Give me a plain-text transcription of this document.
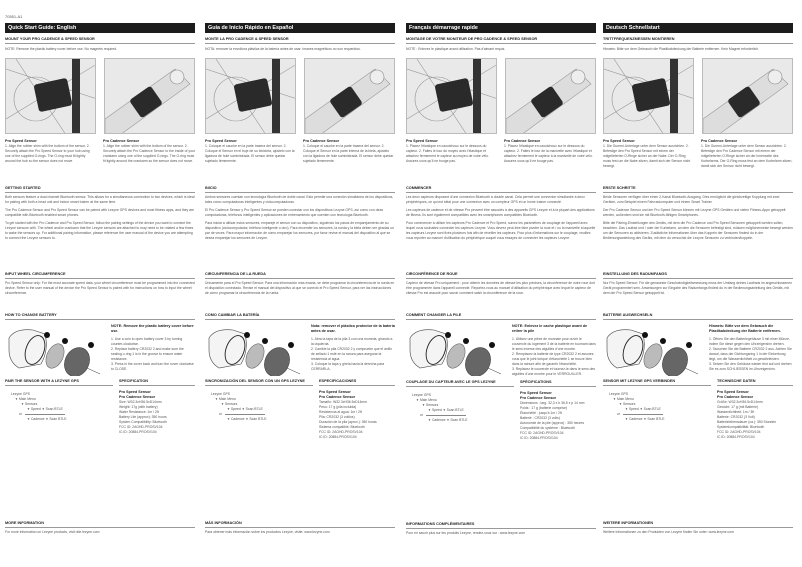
70551-A1
Quick Start Guide: English
MOUNT YOUR PRO CADENCE & SPEED SENSOR
NOTE: Remove the plastic battery cover before use. No magnets required.
Pro Speed Sensor
1. Align the rubber shim with the bottom of the sensor. 2. Securely attach the Pro Speed Sensor to your hub using one of the supplied O-rings. The O-ring must fit tightly around the hub so the sensor does not move.
Pro Cadence Sensor
1. Align the rubber shim with the bottom of the sensor. 2. Securely attach the Pro Cadence Sensor to the inside of your crankarm using one of the supplied O-rings. The O-ring must fit tightly around the crankarm so the sensor does not move.
GETTING STARTED

Both sensors feature a dual channel Bluetooth sensor. This allows for a simultaneous connection to two devices, which is ideal for pairing with both a head unit and indoor smart trainer at the same time.

The Pro Cadence Sensor and Pro Speed Sensor can be paired with Lezyne GPS devices and most fitness apps, and they are compatible with Bluetooth enabled smart phones.

To get started with the Pro Cadence and Pro Speed Sensor, follow the pairing settings of the device you want to connect the Lezyne sensors with. The wheel and/or crankarm that the Lezyne sensors are attached to may need to be rotated a few times to wake the sensors up. For additional pairing information, please reference the user manual of the device you are attempting to connect the Lezyne sensors to.

INPUT WHEEL CIRCUMFERENCE
Pro Speed Sensor only: For the most accurate speed data, your wheel circumference must be programmed into the connected device. Refer to the user manual of the device the Pro Speed Sensor is paired with for instructions on how to input the wheel circumference.
HOW TO CHANGE BATTERY
NOTE: Remove the plastic battery cover before use.
1. Use a coin to open battery cover 3 by turning counter-clockwise.
2. Replace battery CR2032 2 and make sure the sealing o-ring 1 is in the groove to ensure water resistance.
3. Press in the cover back and turn the cover clockwise to CLOSE.
PAIR THE SENSOR WITH A LEZYNE GPS
Lezyne GPS
▼ Main Menu
▼ Sensors
▼ Speed ▼ Scan BTLE
or
▼ Cadence ▼ Scan BTLE
SPECIFICATION
Pro Speed Sensor
Pro Cadence Sensor
Size: W32.3xH36.5xD14mm
Weight: 17g (with battery)
Water Resistance: 1m / 2ft
Battery Life (approx): 350 hours
System Compatibility: Bluetooth
FCC ID: 2AGHD-PROSV104
IC ID: 20884-PROSV104
MORE INFORMATION
For more information on Lezyne products, visit ride.lezyne.com
Guía de Inicio Rápido en Español
MONTE LA PRO CADENCE & SPEED SENSOR
NOTA: remover la envoltura plástica de la batería antes de usar. Imanes magnéticos no son requeridos.
Pro Speed Sensor
1. Coloque el cauche en la parte trasera del sensor. 2. Coloque el Sensor en el buje de su bicicleta, ajústelo con la ligadura de hule suministrada. El sensor debe quedar sujetado firmemente.
Pro Cadence Sensor
1. Coloque el cauche en la parte trasera del sensor. 2. Coloque el Sensor en la parte interna de la biela, ajústelo con la ligadura de hule suministrada. El sensor debe quedar sujetado firmemente.
INICIO

Ambos sensores cuentan con tecnología Bluetooth de doble canal. Esto permite una conexión simultánea de los dispositivos, tales como computadoras inteligentes y ciclocomputadoras.

El Pro Cadence Sensor y Pro Speed Sensor se pueden conectar con los dispositivos Lezyne GPS, así como con otras computadoras, teléfonos inteligentes y aplicaciones de entrenamiento que cuenten con tecnología Bluetooth.

Para iniciar a utilizar estos sensores, empareje el sensor con su dispositivo, siguiendo los pasos de emparejamiento de su dispositivo (ciclocomputador, teléfono inteligente o otro). Para encender los sensores, la rueda y la biela deben ser giradas un par de veces. Para mayor información de cómo emparejar los sensores, por favor revise el manual del dispositivo al que se desea emparejar los sensores de Lezyne.

CIRCUNFERENCIA DE LA RUEDA
Únicamente para el Pro Speed Sensor: Para una información más exacta, se debe programar la circunferencia de la rueda en el dispositivo conectado. Revise el manual del dispositivo al que se conectó el Pro Speed Sensor, para ver las instrucciones de cómo programar la circunferencia de la rueda.
COMO CAMBIAR LA BATERÍA
Nota: remover el plástico protector de la batería antes de usar.
1. Abra la tapa de la pila 3 con una moneda, girando a la izquierda.
2. Cambie la pila CR2032 2 y compruebe que el anillo de sellado 1 esté en la ranura para asegurar la resistencia al agua.
3. Coloque la tapa y gírela hacia la derecha para CERRARLA.
SINCRONIZACIÓN DEL SENSOR CON UN GPS LEZYNE
Lezyne GPS
▼ Main Menu
▼ Sensors
▼ Speed ▼ Scan BTLE
or
▼ Cadence ▼ Scan BTLE
ESPECIFICACIONES
Pro Speed Sensor
Pro Cadence Sensor
Tamaño: W32.3xH36.5xD14mm
Peso: 17 g (pila incluida)
Resistencia al agua: 1m / 2ft
Pila: CR2032 (3 voltios)
Duración de la pila (aprox.): 350 horas
Sistema compatible: Bluetooth
FCC ID: 2AGHD-PROSV104
IC ID: 20884-PROSV104
MÁS INFORMACIÓN
Para obtener más información sobre los productos Lezyne, visite: www.lezyne.com
Français démarrage rapide
MONTAGE DE VOTRE MONITEUR DE PRO CADENCE & SPEED SENSOR
NOTE : Enlevez le plastique avant utilisation. Pas d'aimant requis.
Pro Speed Sensor
1. Placez l'élastique en caoutchouc sur le dessous du capteur. 2. Faites le tour du moyeu avec l'élastique et attachez fermement le capteur au moyeu de votre vélo. Assurez-vous qu'il ne bouge pas.
Pro Cadence Sensor
1. Placez l'élastique en caoutchouc sur le dessous du capteur. 2. Faites le tour de la manivelle avec l'élastique et attachez fermement le capteur à la manivelle de votre vélo. Assurez-vous qu'il ne bouge pas.
COMMENCER

Les deux capteurs disposent d'une connexion Bluetooth à double canal. Cela permet une connexion simultanée à deux périphériques, ce qui est idéal pour une connexion avec un compteur GPS et un home trainer connecté.

Les capteurs de cadence et de vitesse Pro peuvent être associés à des appareils GPS Lezyne et à la plupart des applications de fitness. Ils sont également compatibles avec les smartphones compatibles Bluetooth.

Pour commencer à utiliser les capteurs Pro Cadence et Pro Speed, suivez les paramètres de couplage de l'appareil avec lequel vous souhaitez connecter les capteurs Lezyne. Vous devrez peut-être faire pivoter la roue et / ou la manivelle à laquelle les capteurs Lezyne sont fixés plusieurs fois afin de réveiller les capteurs. Pour plus d'informations sur le couplage, veuillez vous reporter au manuel d'utilisation du périphérique auquel vous essayez de connecter les capteurs Lezyne.

CIRCONFÉRENCE DE ROUE
Capteur de vitesse Pro uniquement : pour obtenir les données de vitesse les plus précises, la circonférence de votre roue doit être programmée dans l'appareil connecté. Reportez-vous au manuel d'utilisation du périphérique avec lequel le capteur de vitesse Pro est associé pour savoir comment saisir la circonférence de la roue.
COMMENT CHANGER LA PILE
NOTE: Enlevez le cache plastique avant de retirer la pile
1. Utilisez une pièce de monnaie pour ouvrir le couvercle du logement 3 de la batterie en tournant dans le sens inverse des aiguilles d'une montre.
2. Remplacez la batterie de type CR2032 2 et assurez-vous que le joint torique d'étanchéité 1 se trouve bien dans la rainure afin de garantir l'étanchéité.
3. Replacez le couvercle et tournez-le dans le sens des aiguilles d'une montre pour le VERROUILLER.
COUPLAGE DU CAPTEUR AVEC LE GPS LEZYNE
Lezyne GPS
▼ Main Menu
▼ Sensors
▼ Speed ▼ Scan BTLE
or
▼ Cadence ▼ Scan BTLE
SPÉCIFICATIONS
Pro Speed Sensor
Pro Cadence Sensor
Dimensions : larg. 32,3 x h 36,5 x p 14 mm
Poids : 17 g (batterie comprise)
Étanchéité : jusqu'à 1m / 2ft
Batterie : CR2032 (3 volts)
Autonomie de la pile (approx) : 350 heures
Compatibilité du système : Bluetooth
FCC ID: 2AGHD-PROSV104
IC ID: 20884-PROSV104
INFORMATIONS COMPLÉMENTAIRES
Pour en savoir plus sur les produits Lezyne, rendez-vous sur : www.lezyne.com
Deutsch Schnellstart
TRITTFREQUENZMESSEN MONTIEREN
Hinweis: Bitte vor dem Gebrauch die Plastikabdeckung der Batterie entfernen. Kein Magnet erforderlich.
Pro Speed Sensor
1. Die Gummi-Unterlage unter dem Sensor ausrichten. 2. Befestige den Pro Speed Sensor mit einem der mitgelieferten O-Ringe sicher an der Nabe. Der O-Ring muss fest um die Nabe sitzen, damit sich der Sensor nicht bewegt.
Pro Cadence Sensor
1. Die Gummi-Unterlage unter dem Sensor ausrichten. 2. Befestige den Pro Cadence Sensor mit einem der mitgelieferten O-Ringe sicher an der Innenseite des Kurbelarms. Der O-Ring muss fest an dem Kurbelarm sitzen, damit sich der Sensor nicht bewegt.
ERSTE SCHRITTE

Beide Sensoren verfügen über einen 2-Kanal Bluetooth-Ausgang. Dies ermöglicht die gleichzeitige Kopplung mit zwei Geräten, zum Beispiel einem Fahrradcomputer und einem Smart Trainer.

Der Pro Cadence Sensor und der Pro Speed Sensor können mit Lezyne GPS Geräten und vielen Fitness-Apps gekoppelt werden, außerdem sind sie mit Bluetooth-fähigen Smartphones.

Bitte die Pairing-Einstellungen des Geräts, mit dem die Pro Cadence und Pro Speed Sensoren gekoppelt werden sollen, beachten. Das Laufrad und / oder der Kurbelarm, an dem die Sensoren befestigt sind, müssen möglicherweise bewegt werden um die Sensoren zu aktivieren. Zusätzliche Informationen über das Koppeln der Sensoren findest du in der Bedienungsanleitung des Geräts, mit dem du versuchst die Lezyne Sensoren zu verbinden/koppeln.

EINSTELLUNG DES RADUMFANGS
Nur Pro Speed Sensor: Für die genaueste Geschwindigkeitsmessung muss der Umfang deines Laufrads im angeschlossenen Gerät programmiert sein. Anweisungen zur Eingabe des Radumfangs findest du in der Bedienungsanleitung des Geräts, mit dem der Pro Speed Sensor gekoppelt ist.
BATTERIE AUSWECHSELN
Hinweis: Bitte vor dem Gebrauch die Plastikabdeckung der Batterie entfernen.
1. Öffnen Sie den Batteriegehäuse 3 mit einer Münze, indem Sie diese gegen den Uhrzeigersinn drehen.
2. Tauschen Sie die Batterie CR2032 2 aus. Achten Sie darauf, dass der Dichtungsring 1 in der Einkerbung liegt, um die Wasserdichtheit zu gewährleisten.
3. Setzen Sie den Gehäuse wieder fest auf und drehen Sie es zum SCHLIESSEN im Uhrzeigersinn.
SENSOR MIT LEZYNE GPS VERBINDEN
Lezyne GPS
▼ Main Menu
▼ Sensors
▼ Speed ▼ Scan BTLE
or
▼ Cadence ▼ Scan BTLE
TECHNISCHE DATEN
Pro Speed Sensor
Pro Cadence Sensor
Größe: W32.3xH36.5xD14mm
Gewicht: 17 g (mit Batterie)
Wasserdichtheit: 1m / 3ft
Batterie: CR2032 (3 Volt)
Batterielebensdauer (ca.): 350 Stunden
Systemkompatibilität: Bluetooth
FCC ID: 2AGHD-PROSV104
IC ID: 20884-PROSV104
WEITERE INFORMATIONEN
Weitere Informationen zu den Produkten von Lezyne finden Sie unter: www.lezyne.com
